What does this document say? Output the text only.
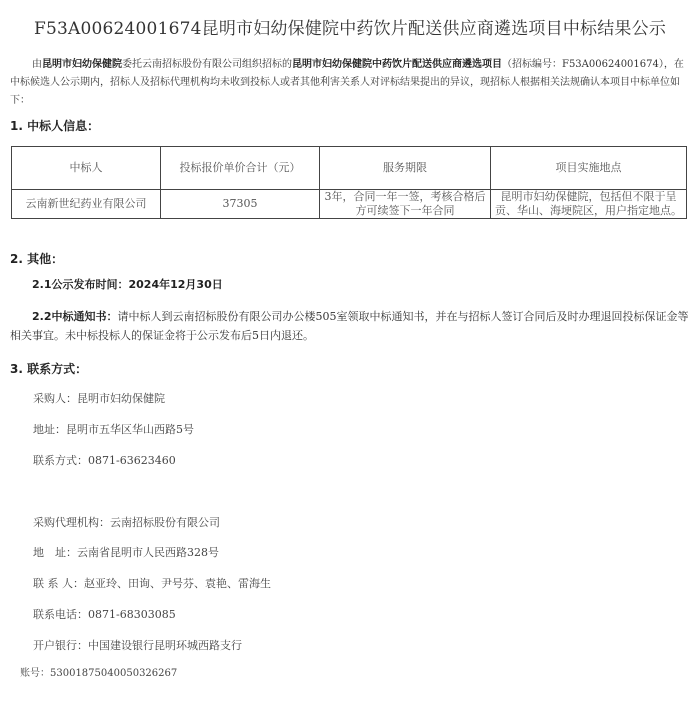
F53A00624001674昆明市妇幼保健院中药饮片配送供应商遴选项目中标结果公示
由昆明市妇幼保健院委托云南招标股份有限公司组织招标的昆明市妇幼保健院中药饮片配送供应商遴选项目（招标编号：F53A00624001674），在中标候选人公示期内，招标人及招标代理机构均未收到投标人或者其他利害关系人对评标结果提出的异议，现招标人根据相关法规确认本项目中标单位如下：
1. 中标人信息：
中标人	投标报价单价合计（元）	服务期限	项目实施地点
云南新世纪药业有限公司	37305	3年，合同一年一签，考核合格后方可续签下一年合同	昆明市妇幼保健院，包括但不限于呈贡、华山、海埂院区，用户指定地点。
2. 其他：
2.1公示发布时间：2024年12月30日
2.2中标通知书：请中标人到云南招标股份有限公司办公楼505室领取中标通知书，并在与招标人签订合同后及时办理退回投标保证金等相关事宜。未中标投标人的保证金将于公示发布后5日内退还。
3. 联系方式：
采购人：昆明市妇幼保健院
地址：昆明市五华区华山西路5号
联系方式：0871-63623460
采购代理机构：云南招标股份有限公司
地　址：云南省昆明市人民西路328号
联 系 人：赵亚玲、田询、尹号芬、袁艳、雷海生
联系电话：0871-68303085
开户银行：中国建设银行昆明环城西路支行
账号：53001875040050326267
